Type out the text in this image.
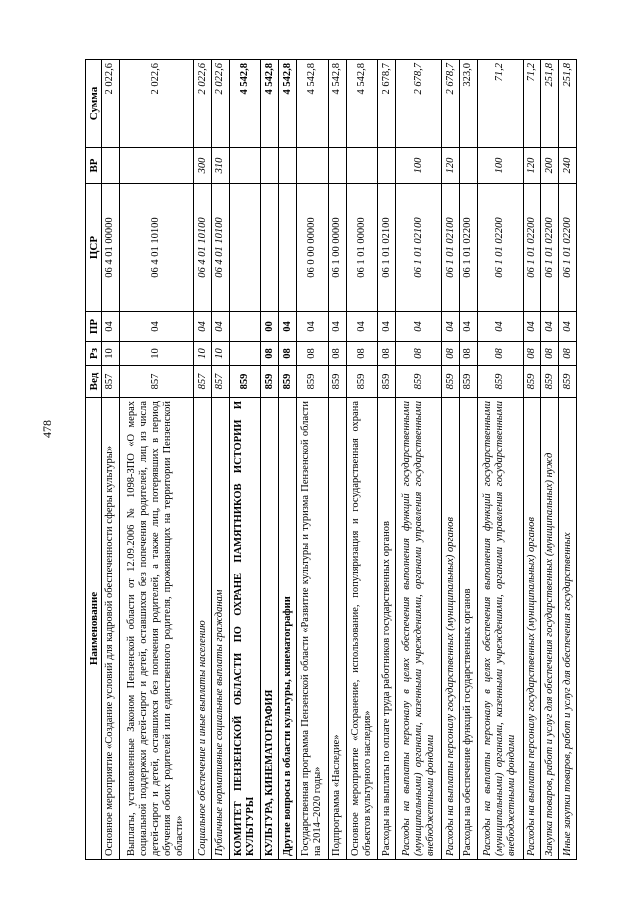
478
Наименование	Вед	Рз	ПР	ЦСР	ВР	Сумма
Основное мероприятие «Создание условий для кадровой обеспеченности сферы культуры»	857	10	04	06 4 01 00000		2 022,6
Выплаты, установленные Законом Пензенской области от 12.09.2006 № 1098-ЗПО «О мерах социальной поддержки детей-сирот и детей, оставшихся без попечения родителей, лиц из числа детей-сирот и детей, оставшихся без попечения родителей, а также лиц, потерявших в период обучения обоих родителей или единственного родителя, проживающих на территории Пензенской области»	857	10	04	06 4 01 10100		2 022,6
Социальное обеспечение и иные выплаты населению	857	10	04	06 4 01 10100	300	2 022,6
Публичные нормативные социальные выплаты гражданам	857	10	04	06 4 01 10100	310	2 022,6
КОМИТЕТ ПЕНЗЕНСКОЙ ОБЛАСТИ ПО ОХРАНЕ ПАМЯТНИКОВ ИСТОРИИ И КУЛЬТУРЫ	859					4 542,8
КУЛЬТУРА, КИНЕМАТОГРАФИЯ	859	08	00			4 542,8
Другие вопросы в области культуры, кинематографии	859	08	04			4 542,8
Государственная программа Пензенской области «Развитие культуры и туризма Пензенской области на 2014–2020 годы»	859	08	04	06 0 00 00000		4 542,8
Подпрограмма «Наследие»	859	08	04	06 1 00 00000		4 542,8
Основное мероприятие «Сохранение, использование, популяризация и государственная охрана объектов культурного наследия»	859	08	04	06 1 01 00000		4 542,8
Расходы на выплаты по оплате труда работников государственных органов	859	08	04	06 1 01 02100		2 678,7
Расходы на выплаты персоналу в целях обеспечения выполнения функций государственными (муниципальными) органами, казенными учреждениями, органами управления государственными внебюджетными фондами	859	08	04	06 1 01 02100	100	2 678,7
Расходы на выплаты персоналу государственных (муниципальных) органов	859	08	04	06 1 01 02100	120	2 678,7
Расходы на обеспечение функций государственных органов	859	08	04	06 1 01 02200		323,0
Расходы на выплаты персоналу в целях обеспечения выполнения функций государственными (муниципальными) органами, казенными учреждениями, органами управления государственными внебюджетными фондами	859	08	04	06 1 01 02200	100	71,2
Расходы на выплаты персоналу государственных (муниципальных) органов	859	08	04	06 1 01 02200	120	71,2
Закупка товаров, работ и услуг для обеспечения государственных (муниципальных) нужд	859	08	04	06 1 01 02200	200	251,8
Иные закупки товаров, работ и услуг для обеспечения государственных	859	08	04	06 1 01 02200	240	251,8
